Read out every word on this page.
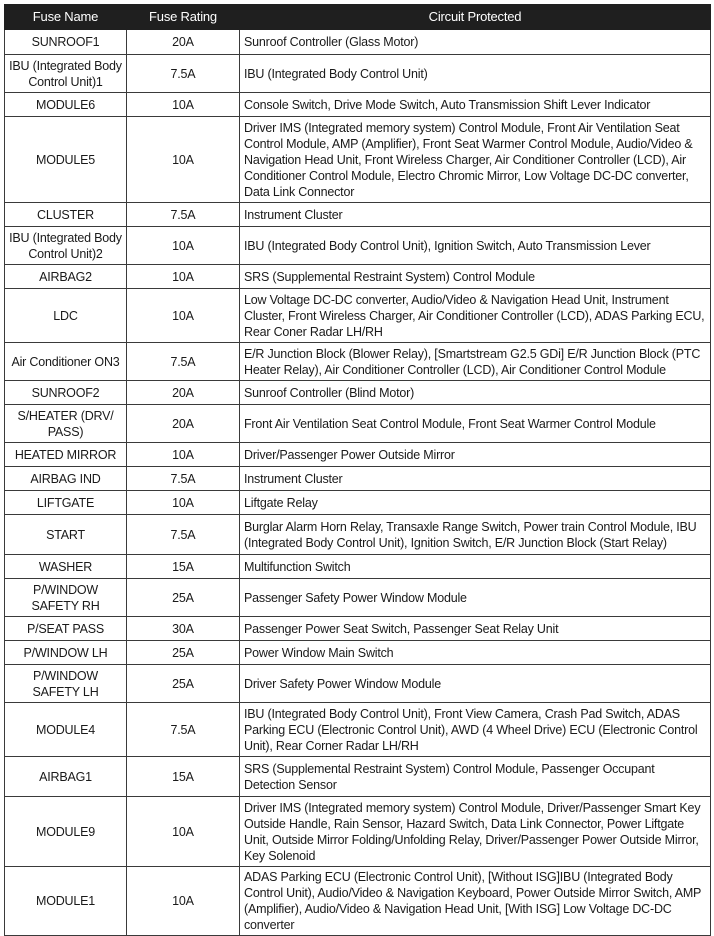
Fuse Name	Fuse Rating	Circuit Protected
SUNROOF1	20A	Sunroof Controller (Glass Motor)
IBU (Integrated Body Control Unit)1	7.5A	IBU (Integrated Body Control Unit)
MODULE6	10A	Console Switch, Drive Mode Switch, Auto Transmission Shift Lever Indicator
MODULE5	10A	Driver IMS (Integrated memory system) Control Module, Front Air Ventilation Seat Control Module, AMP (Amplifier), Front Seat Warmer Control Module, Audio/Video & Navigation Head Unit, Front Wireless Charger, Air Conditioner Controller (LCD), Air Conditioner Control Module, Electro Chromic Mirror, Low Voltage DC-DC converter, Data Link Connector
CLUSTER	7.5A	Instrument Cluster
IBU (Integrated Body Control Unit)2	10A	IBU (Integrated Body Control Unit), Ignition Switch, Auto Transmission Lever
AIRBAG2	10A	SRS (Supplemental Restraint System) Control Module
LDC	10A	Low Voltage DC-DC converter, Audio/Video & Navigation Head Unit, Instrument Cluster, Front Wireless Charger, Air Conditioner Controller (LCD), ADAS Parking ECU, Rear Coner Radar LH/RH
Air Conditioner ON3	7.5A	E/R Junction Block (Blower Relay), [Smartstream G2.5 GDi] E/R Junction Block (PTC Heater Relay), Air Conditioner Controller (LCD), Air Conditioner Control Module
SUNROOF2	20A	Sunroof Controller (Blind Motor)
S/HEATER (DRV/ PASS)	20A	Front Air Ventilation Seat Control Module, Front Seat Warmer Control Module
HEATED MIRROR	10A	Driver/Passenger Power Outside Mirror
AIRBAG IND	7.5A	Instrument Cluster
LIFTGATE	10A	Liftgate Relay
START	7.5A	Burglar Alarm Horn Relay, Transaxle Range Switch, Power train Control Module, IBU (Integrated Body Control Unit), Ignition Switch, E/R Junction Block (Start Relay)
WASHER	15A	Multifunction Switch
P/WINDOW SAFETY RH	25A	Passenger Safety Power Window Module
P/SEAT PASS	30A	Passenger Power Seat Switch, Passenger Seat Relay Unit
P/WINDOW LH	25A	Power Window Main Switch
P/WINDOW SAFETY LH	25A	Driver Safety Power Window Module
MODULE4	7.5A	IBU (Integrated Body Control Unit), Front View Camera, Crash Pad Switch, ADAS Parking ECU (Electronic Control Unit), AWD (4 Wheel Drive) ECU (Electronic Control Unit), Rear Corner Radar LH/RH
AIRBAG1	15A	SRS (Supplemental Restraint System) Control Module, Passenger Occupant Detection Sensor
MODULE9	10A	Driver IMS (Integrated memory system) Control Module, Driver/Passenger Smart Key Outside Handle, Rain Sensor, Hazard Switch, Data Link Connector, Power Liftgate Unit, Outside Mirror Folding/Unfolding Relay, Driver/Passenger Power Outside Mirror, Key Solenoid
MODULE1	10A	ADAS Parking ECU (Electronic Control Unit), [Without ISG]IBU (Integrated Body Control Unit), Audio/Video & Navigation Keyboard, Power Outside Mirror Switch, AMP (Amplifier), Audio/Video & Navigation Head Unit, [With ISG] Low Voltage DC-DC converter
